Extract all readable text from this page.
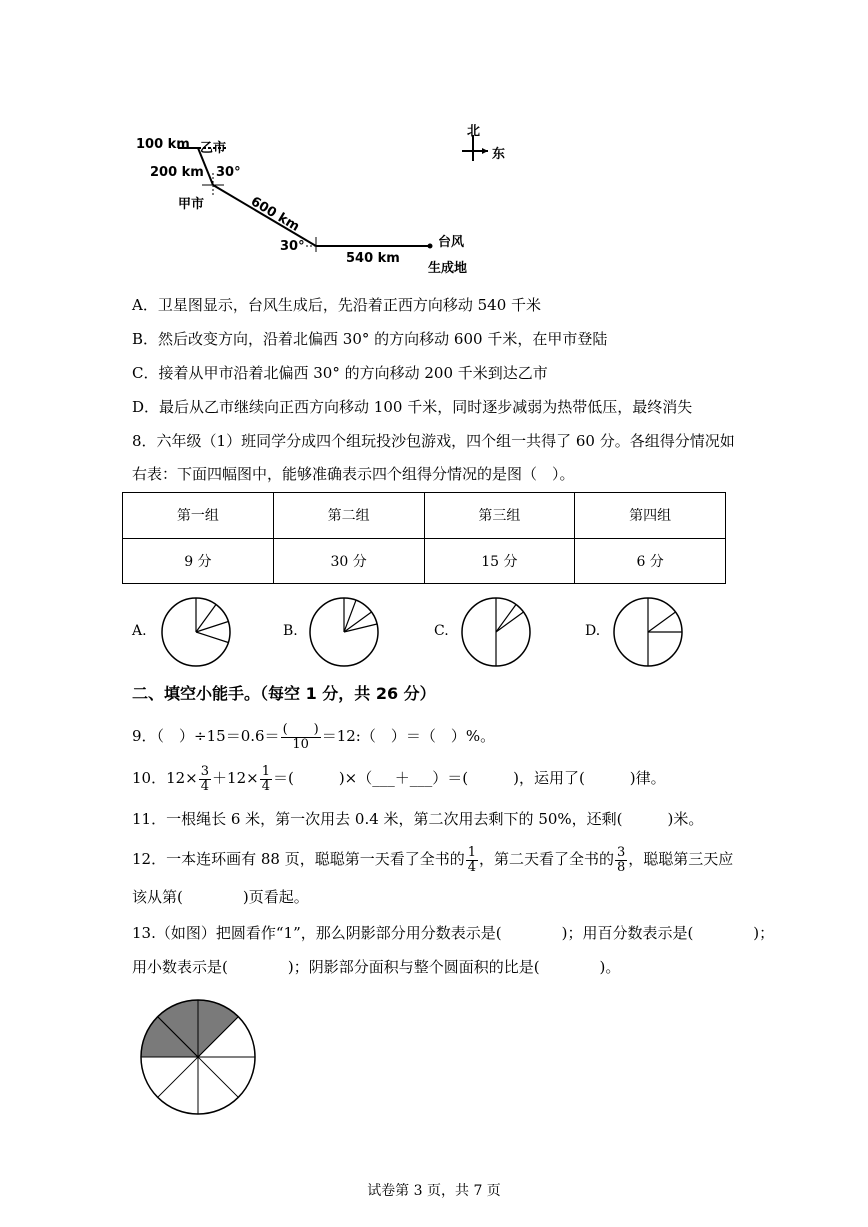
北
东
100 km 乙市
200 km 30°
甲市	600 km
30°
540 km
台风
生成地
A．卫星图显示，台风生成后，先沿着正西方向移动 540 千米
B．然后改变方向，沿着北偏西 30° 的方向移动 600 千米，在甲市登陆
C．接着从甲市沿着北偏西 30° 的方向移动 200 千米到达乙市
D．最后从乙市继续向正西方向移动 100 千米，同时逐步减弱为热带低压，最终消失
8．六年级（1）班同学分成四个组玩投沙包游戏，四个组一共得了 60 分。各组得分情况如
右表：下面四幅图中，能够准确表示四个组得分情况的是图（　）。
第一组	第二组	第三组	第四组
9 分	30 分	15 分	6 分
A.	B.	C.	D.
二、填空小能手。（每空 1 分，共 26 分）
9．（　）$\div 15=0.6= \frac{( )}{10}$ ＝12:（　）＝（　）%。
10．$12\times \frac{3}{4} +12\times \frac{1}{4}$ ＝(　　　)×（___＋___）＝(　　　)，运用了(　　　)律。
11．一根绳长 6 米，第一次用去 0.4 米，第二次用去剩下的 50%，还剩(　　　)米。
12．一本连环画有 88 页，聪聪第一天看了全书的 $\frac{1}{4}$ ，第二天看了全书的 $\frac{3}{8}$ ，聪聪第三天应
该从第(　　　　)页看起。
13.（如图）把圆看作“1”，那么阴影部分用分数表示是(　　　　)；用百分数表示是(　　　　)；
用小数表示是(　　　　)；阴影部分面积与整个圆面积的比是(　　　　)。
试卷第 3 页，共 7 页
